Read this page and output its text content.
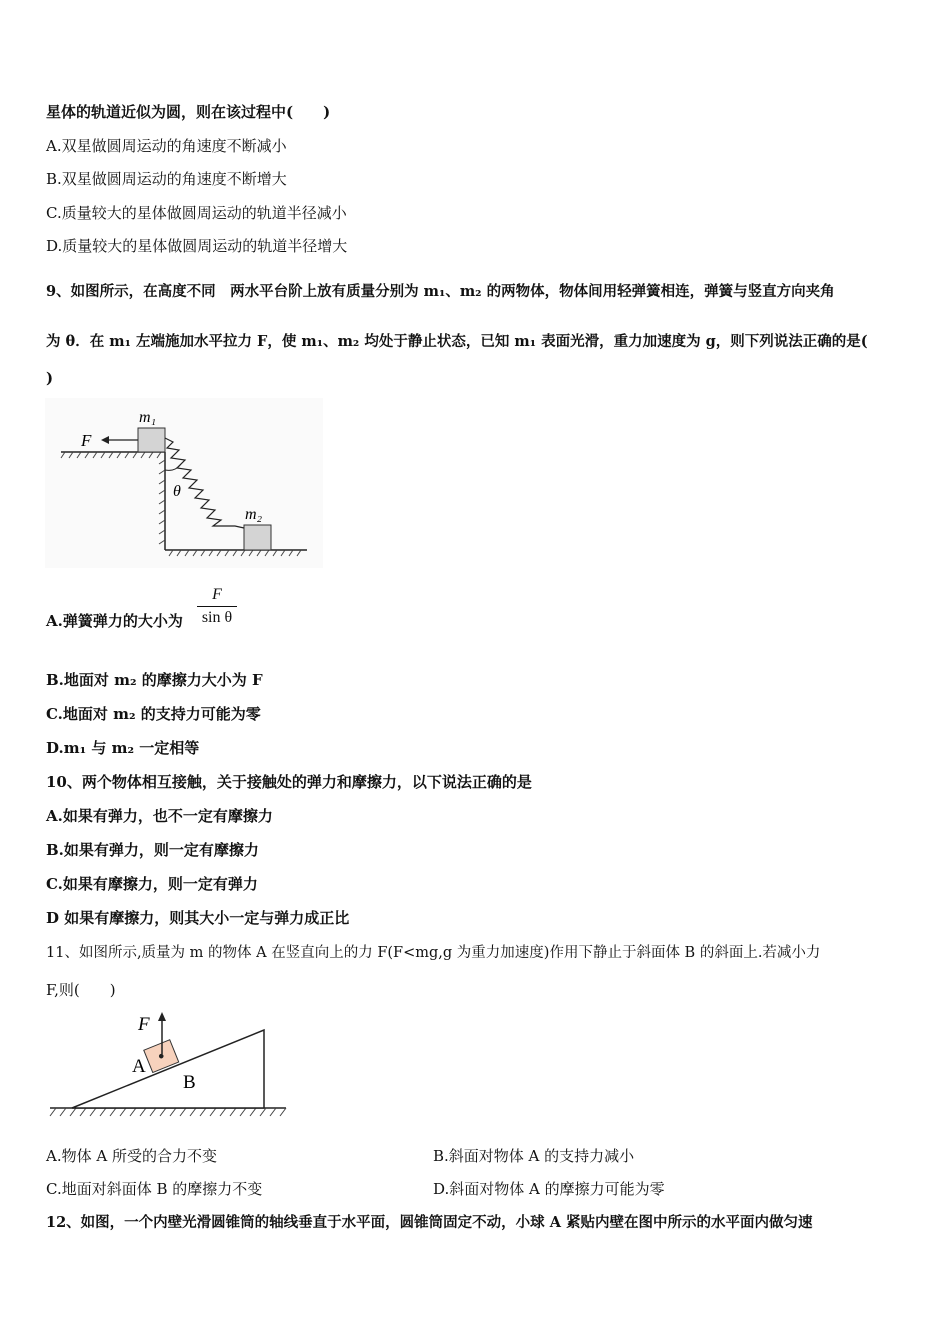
星体的轨道近似为圆，则在该过程中(　　)
A.双星做圆周运动的角速度不断减小
B.双星做圆周运动的角速度不断增大
C.质量较大的星体做圆周运动的轨道半径减小
D.质量较大的星体做圆周运动的轨道半径增大
9、如图所示，在高度不同　两水平台阶上放有质量分别为 m₁、m₂ 的两物体，物体间用轻弹簧相连，弹簧与竖直方向夹角
为 θ．在 m₁ 左端施加水平拉力 F，使 m₁、m₂ 均处于静止状态，已知 m₁ 表面光滑，重力加速度为 g，则下列说法正确的是(
)
F
m₁
θ
m₂
A.弹簧弹力的大小为
F
sin θ
B.地面对 m₂ 的摩擦力大小为 F
C.地面对 m₂ 的支持力可能为零
D.m₁ 与 m₂ 一定相等
10、两个物体相互接触，关于接触处的弹力和摩擦力，以下说法正确的是
A.如果有弹力，也不一定有摩擦力
B.如果有弹力，则一定有摩擦力
C.如果有摩擦力，则一定有弹力
D 如果有摩擦力，则其大小一定与弹力成正比
11、如图所示,质量为 m 的物体 A 在竖直向上的力 F(F<mg,g 为重力加速度)作用下静止于斜面体 B 的斜面上.若减小力
F,则(　　)
F
A
B
A.物体 A 所受的合力不变	B.斜面对物体 A 的支持力减小
C.地面对斜面体 B 的摩擦力不变	D.斜面对物体 A 的摩擦力可能为零
12、如图，一个内壁光滑圆锥筒的轴线垂直于水平面，圆锥筒固定不动，小球 A 紧贴内壁在图中所示的水平面内做匀速
